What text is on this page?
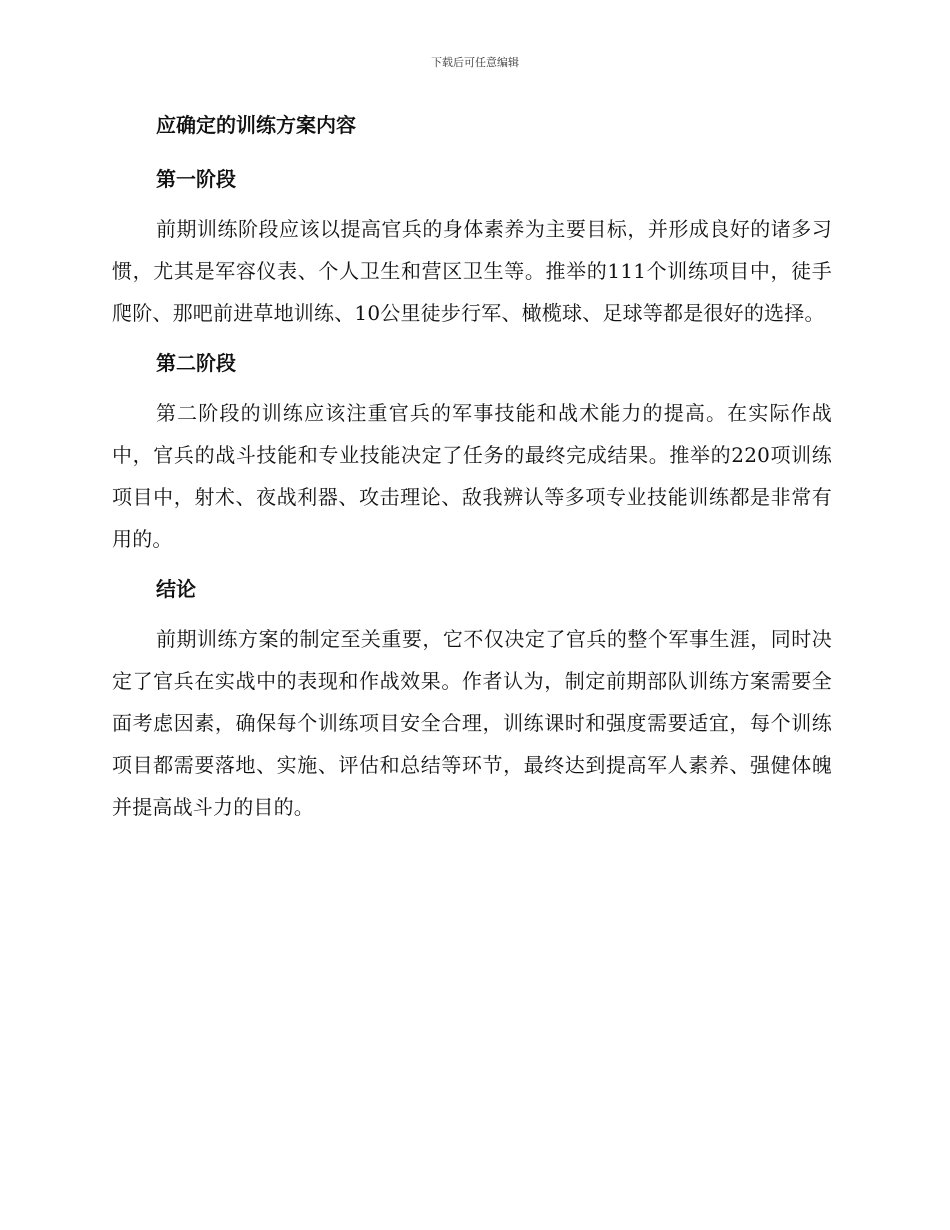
下载后可任意编辑
应确定的训练方案内容
第一阶段

前期训练阶段应该以提高官兵的身体素养为主要目标，并形成良好的诸多习惯，尤其是军容仪表、个人卫生和营区卫生等。推举的111个训练项目中，徒手爬阶、那吧前进草地训练、10公里徒步行军、橄榄球、足球等都是很好的选择。

第二阶段

第二阶段的训练应该注重官兵的军事技能和战术能力的提高。在实际作战中，官兵的战斗技能和专业技能决定了任务的最终完成结果。推举的220项训练项目中，射术、夜战利器、攻击理论、敌我辨认等多项专业技能训练都是非常有用的。

结论

前期训练方案的制定至关重要，它不仅决定了官兵的整个军事生涯，同时决定了官兵在实战中的表现和作战效果。作者认为，制定前期部队训练方案需要全面考虑因素，确保每个训练项目安全合理，训练课时和强度需要适宜，每个训练项目都需要落地、实施、评估和总结等环节，最终达到提高军人素养、强健体魄并提高战斗力的目的。
